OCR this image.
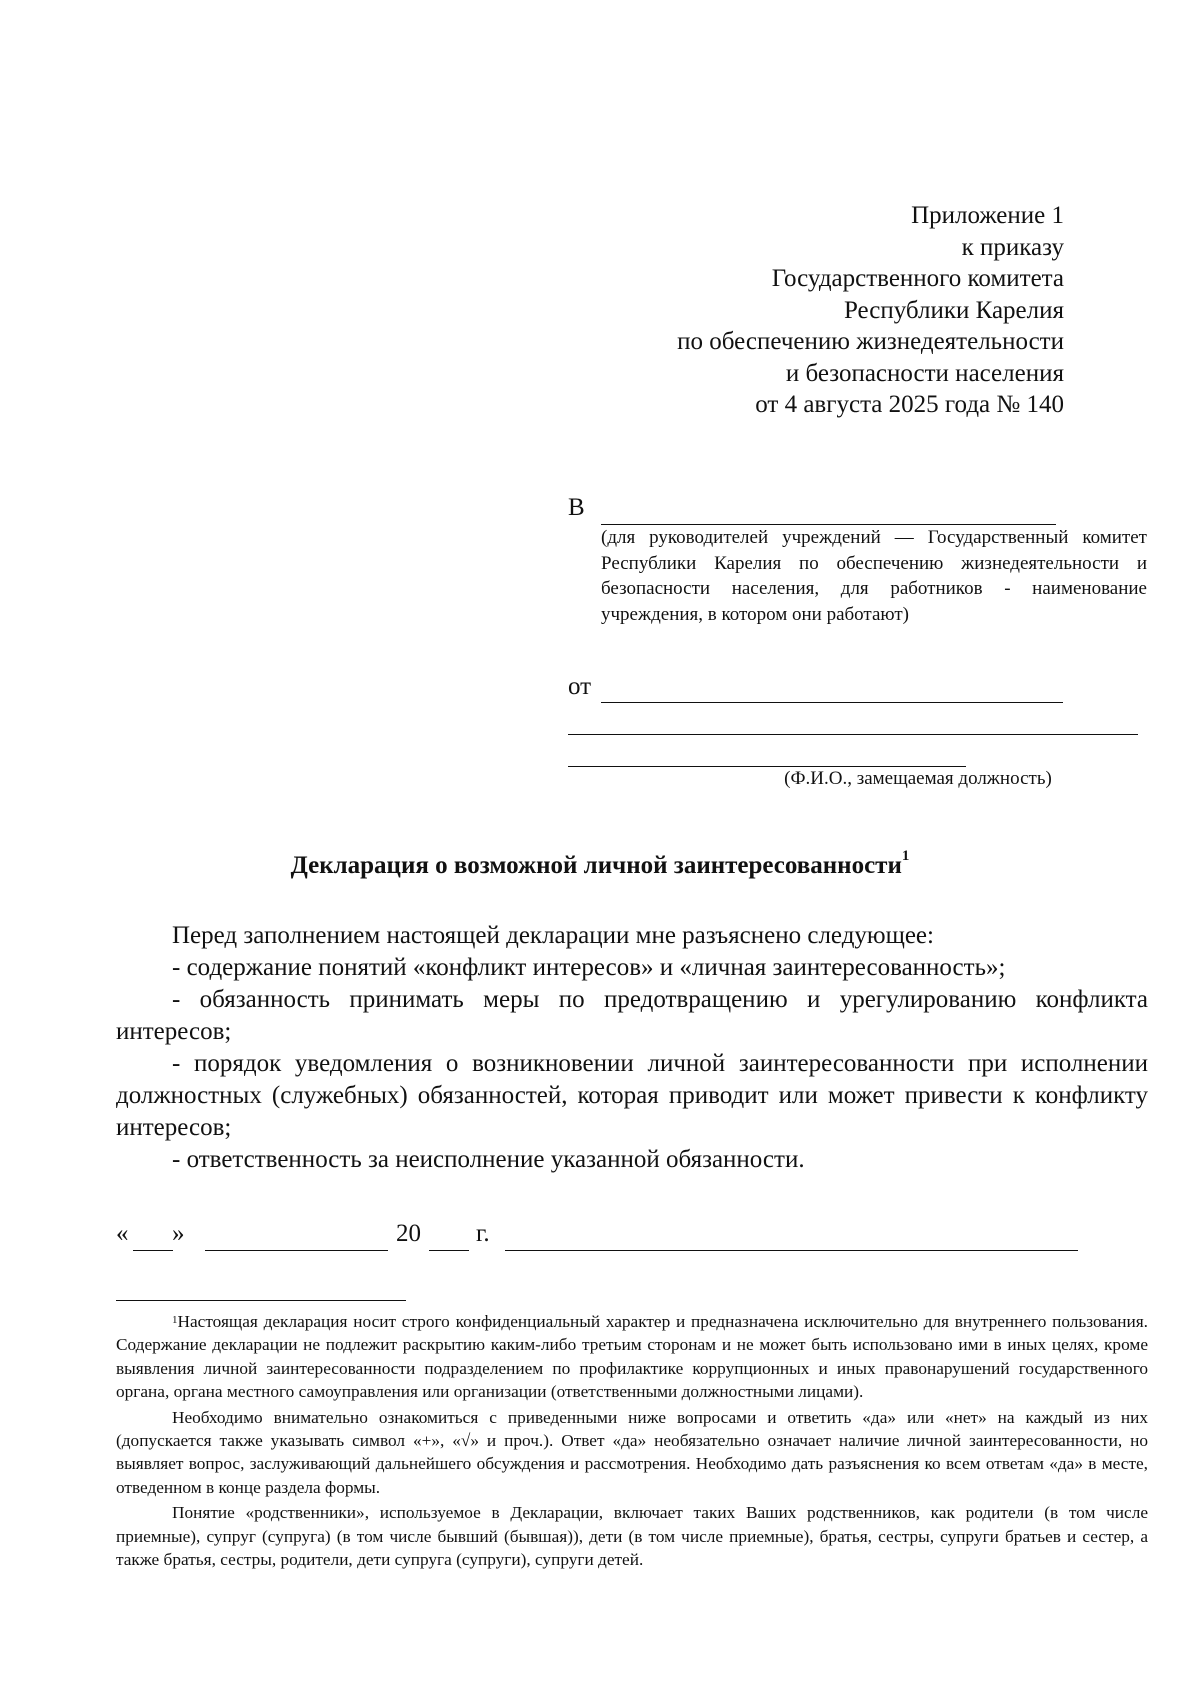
Приложение 1
к приказу
Государственного комитета
Республики Карелия
по обеспечению жизнедеятельности
и безопасности населения
от 4 августа 2025 года № 140
В
(для руководителей учреждений — Государственный комитет Республики Карелия по обеспечению жизнедеятельности и безопасности населения, для работников - наименование учреждения, в котором они работают)
от
(Ф.И.О., замещаемая должность)
Декларация о возможной личной заинтересованности$^1$

Перед заполнением настоящей декларации мне разъяснено следующее:

- содержание понятий «конфликт интересов» и «личная заинтересованность»;

- обязанность принимать меры по предотвращению и урегулированию конфликта интересов;

- порядок уведомления о возникновении личной заинтересованности при исполнении должностных (служебных) обязанностей, которая приводит или может привести к конфликту интересов;

- ответственность за неисполнение указанной обязанности.

« »	20 г.

$^1$Настоящая декларация носит строго конфиденциальный характер и предназначена исключительно для внутреннего пользования. Содержание декларации не подлежит раскрытию каким-либо третьим сторонам и не может быть использовано ими в иных целях, кроме выявления личной заинтересованности подразделением по профилактике коррупционных и иных правонарушений государственного органа, органа местного самоуправления или организации (ответственными должностными лицами).

Необходимо внимательно ознакомиться с приведенными ниже вопросами и ответить «да» или «нет» на каждый из них (допускается также указывать символ «+», «√» и проч.). Ответ «да» необязательно означает наличие личной заинтересованности, но выявляет вопрос, заслуживающий дальнейшего обсуждения и рассмотрения. Необходимо дать разъяснения ко всем ответам «да» в месте, отведенном в конце раздела формы.

Понятие «родственники», используемое в Декларации, включает таких Ваших родственников, как родители (в том числе приемные), супруг (супруга) (в том числе бывший (бывшая)), дети (в том числе приемные), братья, сестры, супруги братьев и сестер, а также братья, сестры, родители, дети супруга (супруги), супруги детей.
